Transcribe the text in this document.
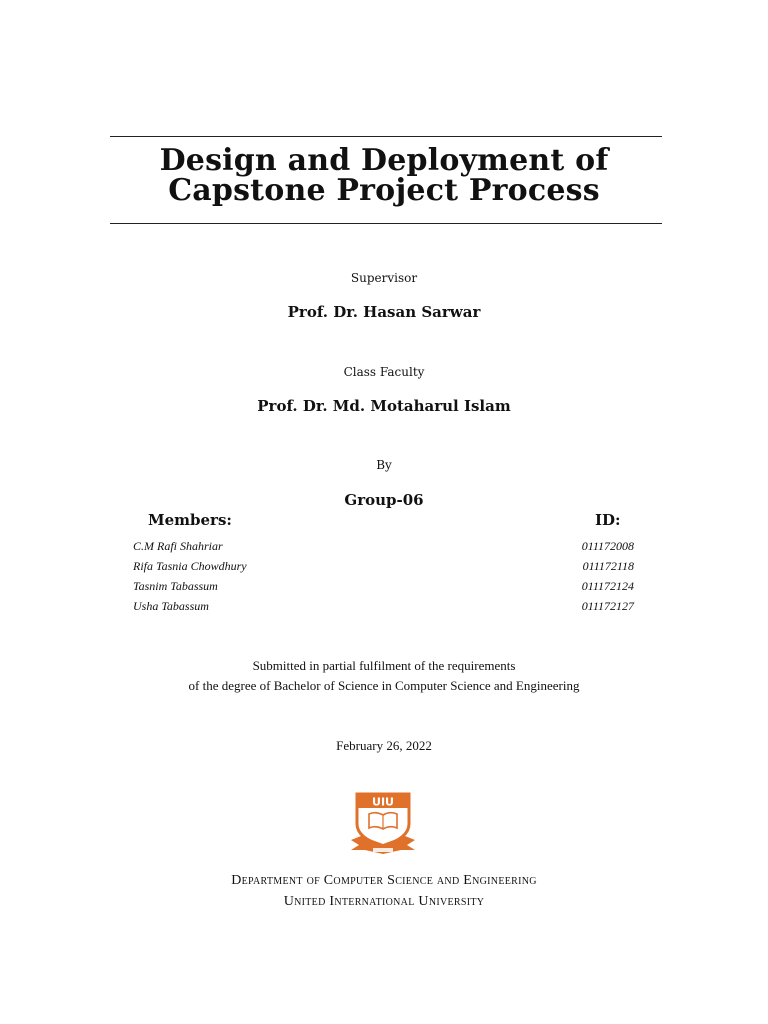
Design and Deployment of
Capstone Project Process
Supervisor
Prof. Dr. Hasan Sarwar
Class Faculty
Prof. Dr. Md. Motaharul Islam
By
Group-06
Members:	ID:
C.M Rafi Shahriar	011172008
Rifa Tasnia Chowdhury	011172118
Tasnim Tabassum	011172124
Usha Tabassum	011172127
Submitted in partial fulfilment of the requirements
of the degree of Bachelor of Science in Computer Science and Engineering
February 26, 2022
UIU
Department of Computer Science and Engineering
United International University
